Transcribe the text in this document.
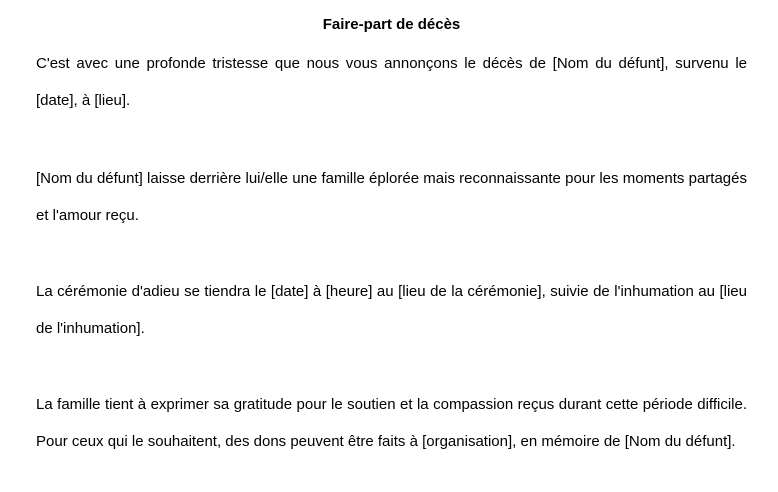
Faire-part de décès

C'est avec une profonde tristesse que nous vous annonçons le décès de [Nom du défunt], survenu le [date], à [lieu].

[Nom du défunt] laisse derrière lui/elle une famille éplorée mais reconnaissante pour les moments partagés et l'amour reçu.

La cérémonie d'adieu se tiendra le [date] à [heure] au [lieu de la cérémonie], suivie de l'inhumation au [lieu de l'inhumation].

La famille tient à exprimer sa gratitude pour le soutien et la compassion reçus durant cette période difficile. Pour ceux qui le souhaitent, des dons peuvent être faits à [organisation], en mémoire de [Nom du défunt].
